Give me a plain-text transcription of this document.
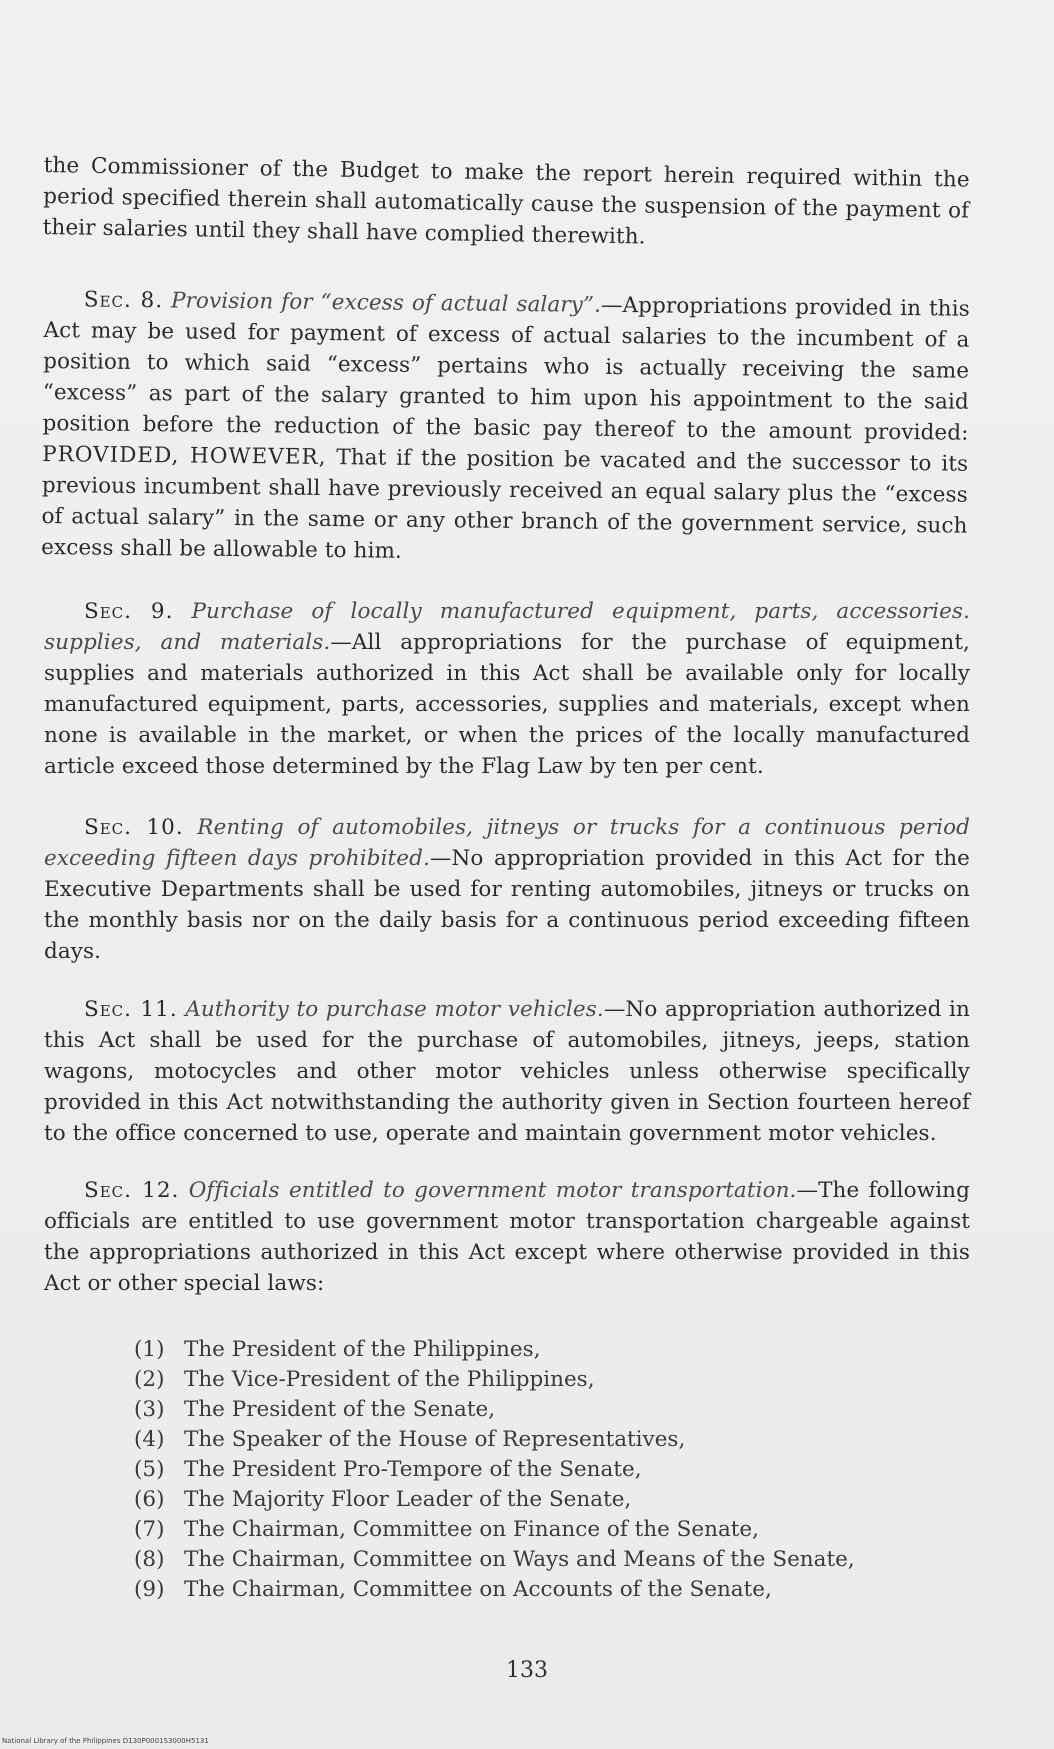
the Commissioner of the Budget to make the report herein required within the period specified therein shall automatically cause the suspension of the payment of their salaries until they shall have complied therewith.
Sec. 8. Provision for “excess of actual salary”.—Appropriations provided in this Act may be used for payment of excess of actual salaries to the incumbent of a position to which said “excess” pertains who is actually receiving the same “excess” as part of the salary granted to him upon his appointment to the said position before the reduction of the basic pay thereof to the amount provided: PROVIDED, HOWEVER, That if the position be vacated and the successor to its previous incumbent shall have previously received an equal salary plus the “excess of actual salary” in the same or any other branch of the government service, such excess shall be allowable to him.
Sec. 9. Purchase of locally manufactured equipment, parts, accessories. supplies, and materials.—All appropriations for the purchase of equipment, supplies and materials authorized in this Act shall be available only for locally manufactured equipment, parts, accessories, supplies and materials, except when none is available in the market, or when the prices of the locally manufactured article exceed those determined by the Flag Law by ten per cent.
Sec. 10. Renting of automobiles, jitneys or trucks for a continuous period exceeding fifteen days prohibited.—No appropriation provided in this Act for the Executive Departments shall be used for renting automobiles, jitneys or trucks on the monthly basis nor on the daily basis for a continuous period exceeding fifteen days.
Sec. 11. Authority to purchase motor vehicles.—No appropriation authorized in this Act shall be used for the purchase of automobiles, jitneys, jeeps, station wagons, motocycles and other motor vehicles unless otherwise specifically provided in this Act notwithstanding the authority given in Section fourteen hereof to the office concerned to use, operate and maintain government motor vehicles.
Sec. 12. Officials entitled to government motor transportation.—The following officials are entitled to use government motor transportation chargeable against the appropriations authorized in this Act except where otherwise provided in this Act or other special laws:
(1) The President of the Philippines,
(2) The Vice-President of the Philippines,
(3) The President of the Senate,
(4) The Speaker of the House of Representatives,
(5) The President Pro-Tempore of the Senate,
(6) The Majority Floor Leader of the Senate,
(7) The Chairman, Committee on Finance of the Senate,
(8) The Chairman, Committee on Ways and Means of the Senate,
(9) The Chairman, Committee on Accounts of the Senate,
133
National Library of the Philippines D130P0001S3000H5131
